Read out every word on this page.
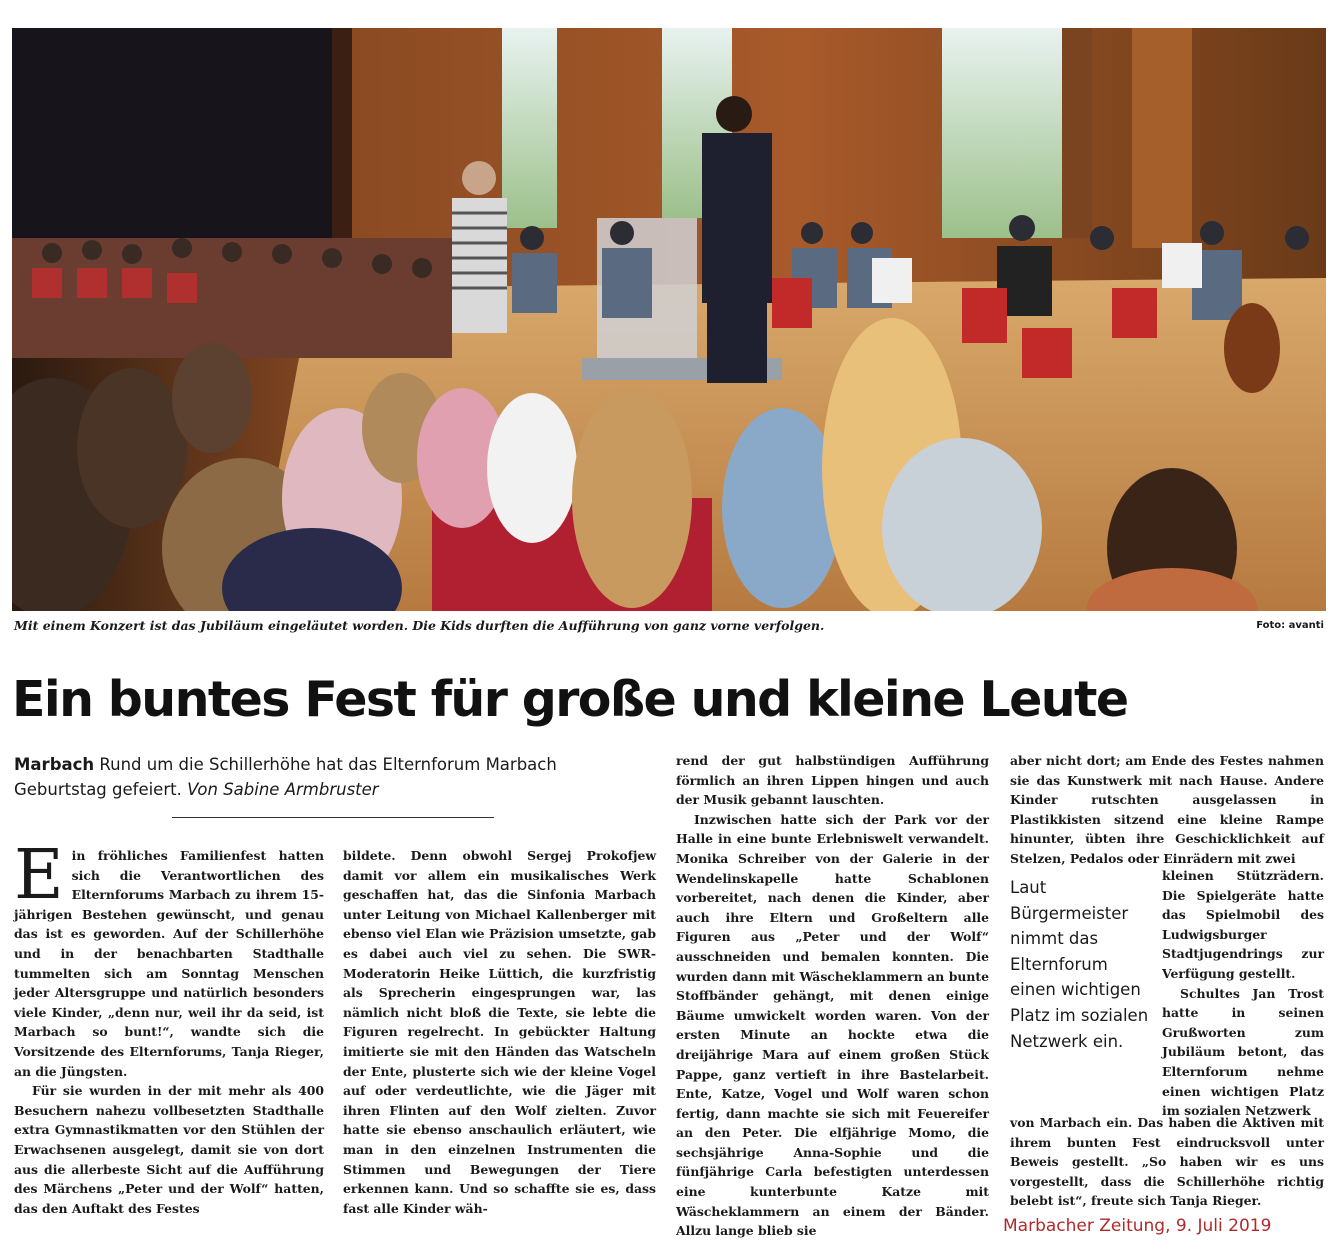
Mit einem Konzert ist das Jubiläum eingeläutet worden. Die Kids durften die Aufführung von ganz vorne verfolgen.	Foto: avanti
Ein buntes Fest für große und kleine Leute
Marbach Rund um die Schillerhöhe hat das Elternforum Marbach Geburtstag gefeiert. Von Sabine Armbruster
E in fröhliches Familienfest hatten sich die Verantwortlichen des Elternforums Marbach zu ihrem 15-jährigen Bestehen gewünscht, und genau das ist es geworden. Auf der Schillerhöhe und in der benachbarten Stadthalle tummelten sich am Sonntag Menschen jeder Altersgruppe und natürlich besonders viele Kinder, „denn nur, weil ihr da seid, ist Marbach so bunt!“, wandte sich die Vorsitzende des Elternforums, Tanja Rieger, an die Jüngsten.

Für sie wurden in der mit mehr als 400 Besuchern nahezu vollbesetzten Stadthalle extra Gymnastikmatten vor den Stühlen der Erwachsenen ausgelegt, damit sie von dort aus die allerbeste Sicht auf die Aufführung des Märchens „Peter und der Wolf“ hatten, das den Auftakt des Festes

bildete. Denn obwohl Sergej Prokofjew damit vor allem ein musikalisches Werk geschaffen hat, das die Sinfonia Marbach unter Leitung von Michael Kallenberger mit ebenso viel Elan wie Präzision umsetzte, gab es dabei auch viel zu sehen. Die SWR-Moderatorin Heike Lüttich, die kurzfristig als Sprecherin eingesprungen war, las nämlich nicht bloß die Texte, sie lebte die Figuren regelrecht. In gebückter Haltung imitierte sie mit den Händen das Watscheln der Ente, plusterte sich wie der kleine Vogel auf oder verdeutlichte, wie die Jäger mit ihren Flinten auf den Wolf zielten. Zuvor hatte sie ebenso anschaulich erläutert, wie man in den einzelnen Instrumenten die Stimmen und Bewegungen der Tiere erkennen kann. Und so schaffte sie es, dass fast alle Kinder wäh-

rend der gut halbstündigen Aufführung förmlich an ihren Lippen hingen und auch der Musik gebannt lauschten.

Inzwischen hatte sich der Park vor der Halle in eine bunte Erlebniswelt verwandelt. Monika Schreiber von der Galerie in der Wendelinskapelle hatte Schablonen vorbereitet, nach denen die Kinder, aber auch ihre Eltern und Großeltern alle Figuren aus „Peter und der Wolf“ ausschneiden und bemalen konnten. Die wurden dann mit Wäscheklammern an bunte Stoffbänder gehängt, mit denen einige Bäume umwickelt worden waren. Von der ersten Minute an hockte etwa die dreijährige Mara auf einem großen Stück Pappe, ganz vertieft in ihre Bastelarbeit. Ente, Katze, Vogel und Wolf waren schon fertig, dann machte sie sich mit Feuereifer an den Peter. Die elfjährige Momo, die sechsjährige Anna-Sophie und die fünfjährige Carla befestigten unterdessen eine kunterbunte Katze mit Wäscheklammern an einem der Bänder. Allzu lange blieb sie

aber nicht dort; am Ende des Festes nahmen sie das Kunstwerk mit nach Hause. Andere Kinder rutschten ausgelassen in Plastikkisten sitzend eine kleine Rampe hinunter, übten ihre Geschicklichkeit auf Stelzen, Pedalos oder Einrädern mit zwei

Laut Bürgermeister nimmt das Elternforum einen wichtigen Platz im sozialen Netzwerk ein.

kleinen Stützrädern. Die Spielgeräte hatte das Spielmobil des Ludwigsburger Stadtjugendrings zur Verfügung gestellt.

Schultes Jan Trost hatte in seinen Grußworten zum Jubiläum betont, das Elternforum nehme einen wichtigen Platz im sozialen Netzwerk

von Marbach ein. Das haben die Aktiven mit ihrem bunten Fest eindrucksvoll unter Beweis gestellt. „So haben wir es uns vorgestellt, dass die Schillerhöhe richtig belebt ist“, freute sich Tanja Rieger.

Marbacher Zeitung, 9. Juli 2019
